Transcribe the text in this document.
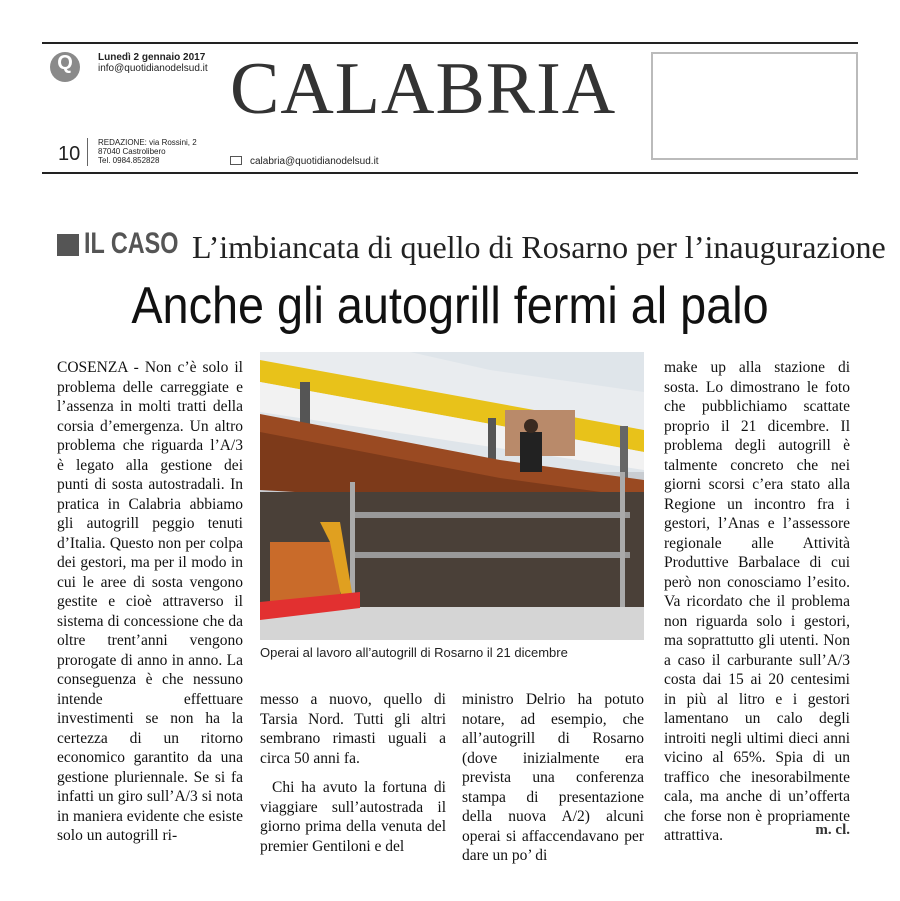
Q
Lunedì 2 gennaio 2017
info@quotidianodelsud.it
10
REDAZIONE: via Rossini, 2
87040 Castrolibero
Tel. 0984.852828
CALABRIA
calabria@quotidianodelsud.it
IL CASO L’imbiancata di quello di Rosarno per l’inaugurazione
Anche gli autogrill fermi al palo

COSENZA - Non c’è solo il problema delle carreggiate e l’assenza in molti tratti della corsia d’emergenza. Un altro problema che riguarda l’A/3 è legato alla gestione dei punti di sosta autostradali. In pratica in Calabria abbiamo gli autogrill peggio tenuti d’Italia. Questo non per colpa dei gestori, ma per il modo in cui le aree di sosta vengono gestite e cioè attraverso il sistema di concessione che da oltre trent’anni vengono prorogate di anno in anno. La conseguenza è che nessuno intende effettuare investimenti se non ha la certezza di un ritorno economico garantito da una gestione pluriennale. Se si fa infatti un giro sull’A/3 si nota in maniera evidente che esiste solo un autogrill ri-

Operai al lavoro all’autogrill di Rosarno il 21 dicembre

messo a nuovo, quello di Tarsia Nord. Tutti gli altri sembrano rimasti uguali a circa 50 anni fa.

Chi ha avuto la fortuna di viaggiare sull’autostrada il giorno prima della venuta del premier Gentiloni e del

ministro Delrio ha potuto notare, ad esempio, che all’autogrill di Rosarno (dove inizialmente era prevista una conferenza stampa di presentazione della nuova A/2) alcuni operai si affaccendavano per dare un po’ di

make up alla stazione di sosta. Lo dimostrano le foto che pubblichiamo scattate proprio il 21 dicembre. Il problema degli autogrill è talmente concreto che nei giorni scorsi c’era stato alla Regione un incontro fra i gestori, l’Anas e l’assessore regionale alle Attività Produttive Barbalace di cui però non conosciamo l’esito. Va ricordato che il problema non riguarda solo i gestori, ma soprattutto gli utenti. Non a caso il carburante sull’A/3 costa dai 15 ai 20 centesimi in più al litro e i gestori lamentano un calo degli introiti negli ultimi dieci anni vicino al 65%. Spia di un traffico che inesorabilmente cala, ma anche di un’offerta che forse non è propriamente attrattiva.	m. cl.
